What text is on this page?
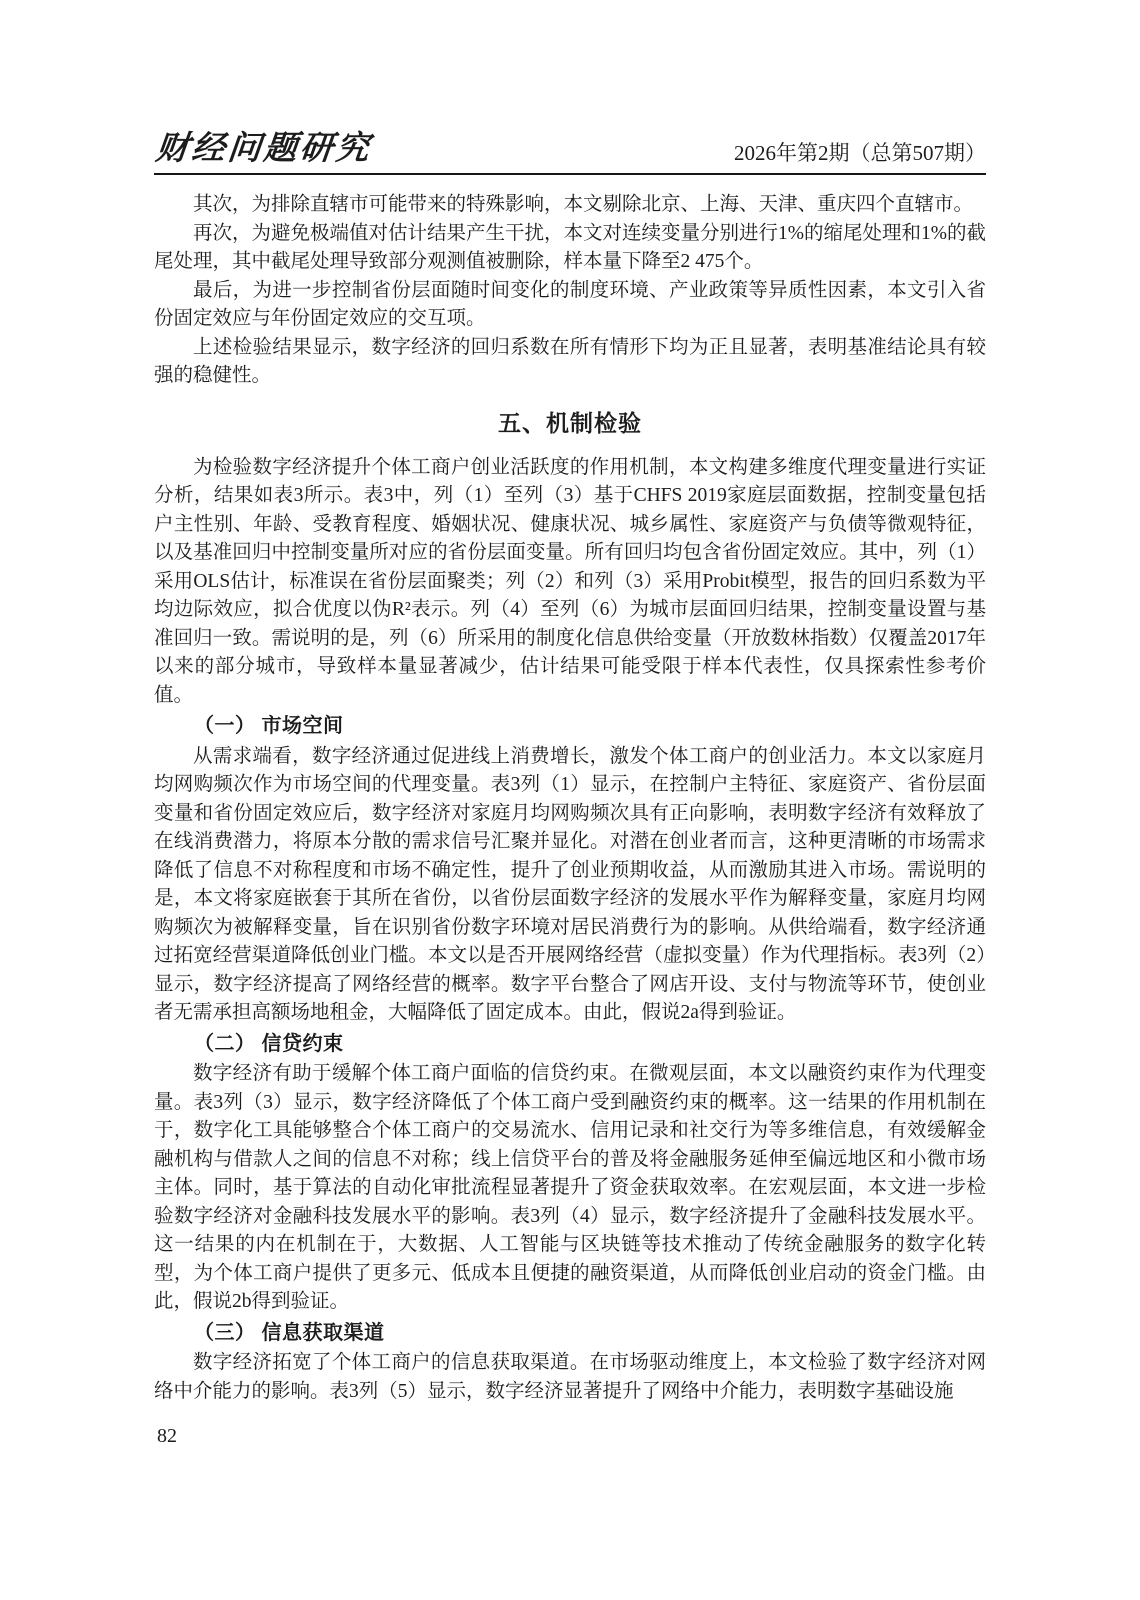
财经问题研究	2026年第2期（总第507期）

其次，为排除直辖市可能带来的特殊影响，本文剔除北京、上海、天津、重庆四个直辖市。

再次，为避免极端值对估计结果产生干扰，本文对连续变量分别进行1%的缩尾处理和1%的截尾处理，其中截尾处理导致部分观测值被删除，样本量下降至2 475个。

最后，为进一步控制省份层面随时间变化的制度环境、产业政策等异质性因素，本文引入省份固定效应与年份固定效应的交互项。

上述检验结果显示，数字经济的回归系数在所有情形下均为正且显著，表明基准结论具有较强的稳健性。

五、机制检验

为检验数字经济提升个体工商户创业活跃度的作用机制，本文构建多维度代理变量进行实证分析，结果如表3所示。表3中，列（1）至列（3）基于CHFS 2019家庭层面数据，控制变量包括户主性别、年龄、受教育程度、婚姻状况、健康状况、城乡属性、家庭资产与负债等微观特征，以及基准回归中控制变量所对应的省份层面变量。所有回归均包含省份固定效应。其中，列（1）采用OLS估计，标准误在省份层面聚类；列（2）和列（3）采用Probit模型，报告的回归系数为平均边际效应，拟合优度以伪R²表示。列（4）至列（6）为城市层面回归结果，控制变量设置与基准回归一致。需说明的是，列（6）所采用的制度化信息供给变量（开放数林指数）仅覆盖2017年以来的部分城市，导致样本量显著减少，估计结果可能受限于样本代表性，仅具探索性参考价值。

（一） 市场空间

从需求端看，数字经济通过促进线上消费增长，激发个体工商户的创业活力。本文以家庭月均网购频次作为市场空间的代理变量。表3列（1）显示，在控制户主特征、家庭资产、省份层面变量和省份固定效应后，数字经济对家庭月均网购频次具有正向影响，表明数字经济有效释放了在线消费潜力，将原本分散的需求信号汇聚并显化。对潜在创业者而言，这种更清晰的市场需求降低了信息不对称程度和市场不确定性，提升了创业预期收益，从而激励其进入市场。需说明的是，本文将家庭嵌套于其所在省份，以省份层面数字经济的发展水平作为解释变量，家庭月均网购频次为被解释变量，旨在识别省份数字环境对居民消费行为的影响。从供给端看，数字经济通过拓宽经营渠道降低创业门槛。本文以是否开展网络经营（虚拟变量）作为代理指标。表3列（2）显示，数字经济提高了网络经营的概率。数字平台整合了网店开设、支付与物流等环节，使创业者无需承担高额场地租金，大幅降低了固定成本。由此，假说2a得到验证。

（二） 信贷约束

数字经济有助于缓解个体工商户面临的信贷约束。在微观层面，本文以融资约束作为代理变量。表3列（3）显示，数字经济降低了个体工商户受到融资约束的概率。这一结果的作用机制在于，数字化工具能够整合个体工商户的交易流水、信用记录和社交行为等多维信息，有效缓解金融机构与借款人之间的信息不对称；线上信贷平台的普及将金融服务延伸至偏远地区和小微市场主体。同时，基于算法的自动化审批流程显著提升了资金获取效率。在宏观层面，本文进一步检验数字经济对金融科技发展水平的影响。表3列（4）显示，数字经济提升了金融科技发展水平。这一结果的内在机制在于，大数据、人工智能与区块链等技术推动了传统金融服务的数字化转型，为个体工商户提供了更多元、低成本且便捷的融资渠道，从而降低创业启动的资金门槛。由此，假说2b得到验证。

（三） 信息获取渠道

数字经济拓宽了个体工商户的信息获取渠道。在市场驱动维度上，本文检验了数字经济对网络中介能力的影响。表3列（5）显示，数字经济显著提升了网络中介能力，表明数字基础设施

82
